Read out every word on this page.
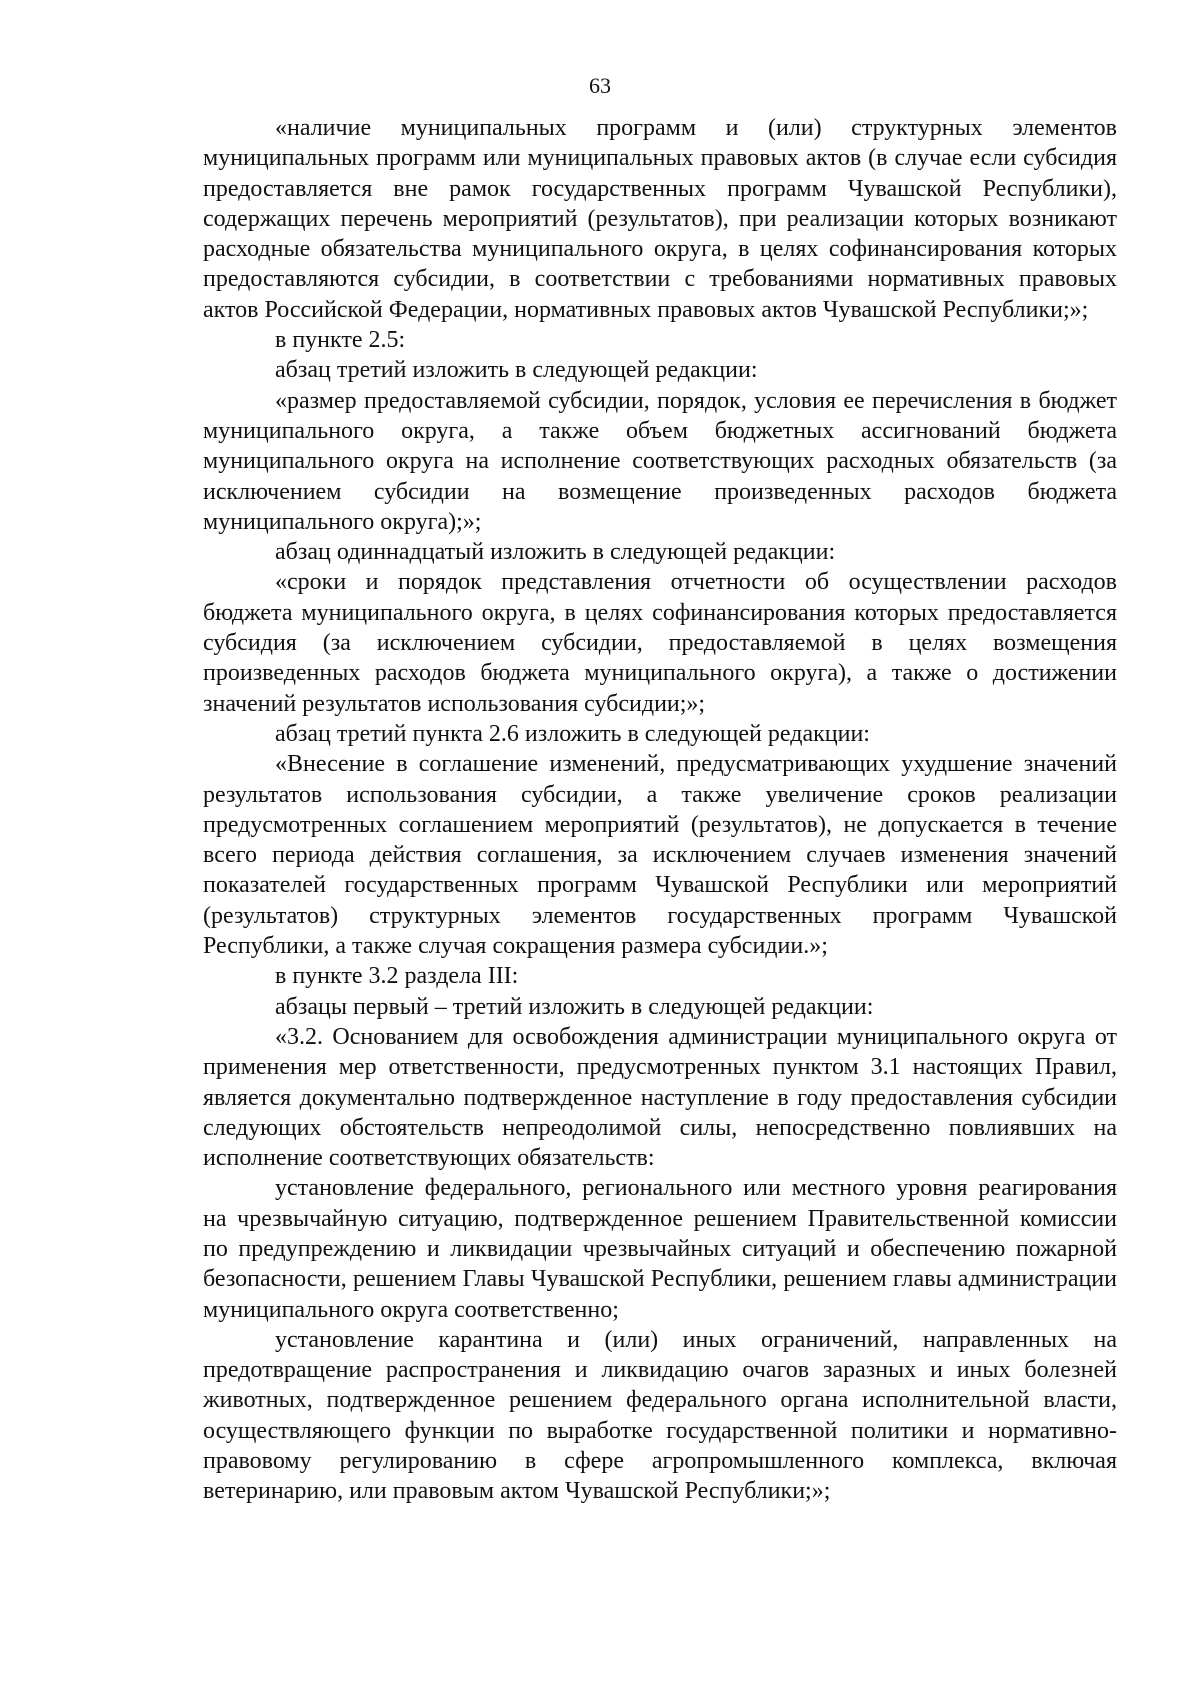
63

«наличие муниципальных программ и (или) структурных элементов муниципальных программ или муниципальных правовых актов (в случае если субсидия предоставляется вне рамок государственных программ Чувашской Республики), содержащих перечень мероприятий (результатов), при реализации которых возникают расходные обязательства муниципального округа, в целях софинансирования которых предоставляются субсидии, в соответствии с требованиями нормативных правовых актов Российской Федерации, нормативных правовых актов Чувашской Республики;»;

в пункте 2.5:

абзац третий изложить в следующей редакции:

«размер предоставляемой субсидии, порядок, условия ее перечисления в бюджет муниципального округа, а также объем бюджетных ассигнований бюджета муниципального округа на исполнение соответствующих расходных обязательств (за исключением субсидии на возмещение произведенных расходов бюджета муниципального округа);»;

абзац одиннадцатый изложить в следующей редакции:

«сроки и порядок представления отчетности об осуществлении расходов бюджета муниципального округа, в целях софинансирования которых предоставляется субсидия (за исключением субсидии, предоставляемой в целях возмещения произведенных расходов бюджета муниципального округа), а также о достижении значений результатов использования субсидии;»;

абзац третий пункта 2.6 изложить в следующей редакции:

«Внесение в соглашение изменений, предусматривающих ухудшение значений результатов использования субсидии, а также увеличение сроков реализации предусмотренных соглашением мероприятий (результатов), не допускается в течение всего периода действия соглашения, за исключением случаев изменения значений показателей государственных программ Чувашской Республики или мероприятий (результатов) структурных элементов государственных программ Чувашской Республики, а также случая сокращения размера субсидии.»;

в пункте 3.2 раздела III:

абзацы первый – третий изложить в следующей редакции:

«3.2. Основанием для освобождения администрации муниципального округа от применения мер ответственности, предусмотренных пунктом 3.1 настоящих Правил, является документально подтвержденное наступление в году предоставления субсидии следующих обстоятельств непреодолимой силы, непосредственно повлиявших на исполнение соответствующих обязательств:

установление федерального, регионального или местного уровня реагирования на чрезвычайную ситуацию, подтвержденное решением Правительственной комиссии по предупреждению и ликвидации чрезвычайных ситуаций и обеспечению пожарной безопасности, решением Главы Чувашской Республики, решением главы администрации муниципального округа соответственно;

установление карантина и (или) иных ограничений, направленных на предотвращение распространения и ликвидацию очагов заразных и иных болезней животных, подтвержденное решением федерального органа исполнительной власти, осуществляющего функции по выработке государственной политики и нормативно-правовому регулированию в сфере агропромышленного комплекса, включая ветеринарию, или правовым актом Чувашской Республики;»;
